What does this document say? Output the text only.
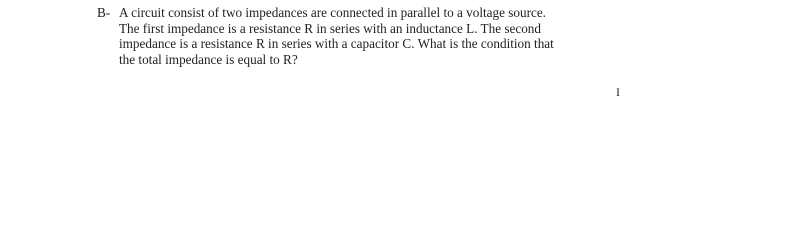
B- A circuit consist of two impedances are connected in parallel to a voltage source.
The first impedance is a resistance R in series with an inductance L. The second
impedance is a resistance R in series with a capacitor C. What is the condition that
the total impedance is equal to R?
I
